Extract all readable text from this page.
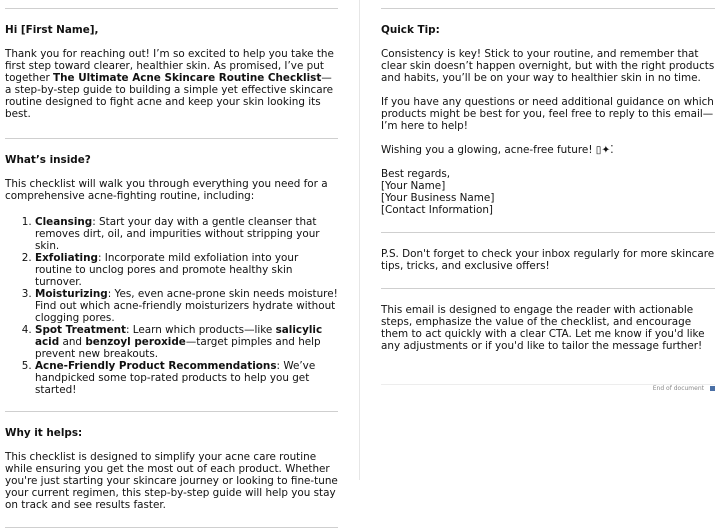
Hi [First Name],

Thank you for reaching out! I’m so excited to help you take the first step toward clearer, healthier skin. As promised, I’ve put together The Ultimate Acne Skincare Routine Checklist—a step-by-step guide to building a simple yet effective skincare routine designed to fight acne and keep your skin looking its best.

What’s inside?

This checklist will walk you through everything you need for a comprehensive acne-fighting routine, including:

1. Cleansing: Start your day with a gentle cleanser that removes dirt, oil, and impurities without stripping your skin.
2. Exfoliating: Incorporate mild exfoliation into your routine to unclog pores and promote healthy skin turnover.
3. Moisturizing: Yes, even acne-prone skin needs moisture! Find out which acne-friendly moisturizers hydrate without clogging pores.
4. Spot Treatment: Learn which products—like salicylic acid and benzoyl peroxide—target pimples and help prevent new breakouts.
5. Acne-Friendly Product Recommendations: We’ve handpicked some top-rated products to help you get started!
Why it helps:

This checklist is designed to simplify your acne care routine while ensuring you get the most out of each product. Whether you're just starting your skincare journey or looking to fine-tune your current regimen, this step-by-step guide will help you stay on track and see results faster.

Quick Tip:

Consistency is key! Stick to your routine, and remember that clear skin doesn’t happen overnight, but with the right products and habits, you’ll be on your way to healthier skin in no time.

If you have any questions or need additional guidance on which products might be best for you, feel free to reply to this email—I’m here to help!

Wishing you a glowing, acne-free future! ▯✦⁚

Best regards,
[Your Name]
[Your Business Name]
[Contact Information]

P.S. Don't forget to check your inbox regularly for more skincare tips, tricks, and exclusive offers!

This email is designed to engage the reader with actionable steps, emphasize the value of the checklist, and encourage them to act quickly with a clear CTA. Let me know if you'd like any adjustments or if you'd like to tailor the message further!

End of document
